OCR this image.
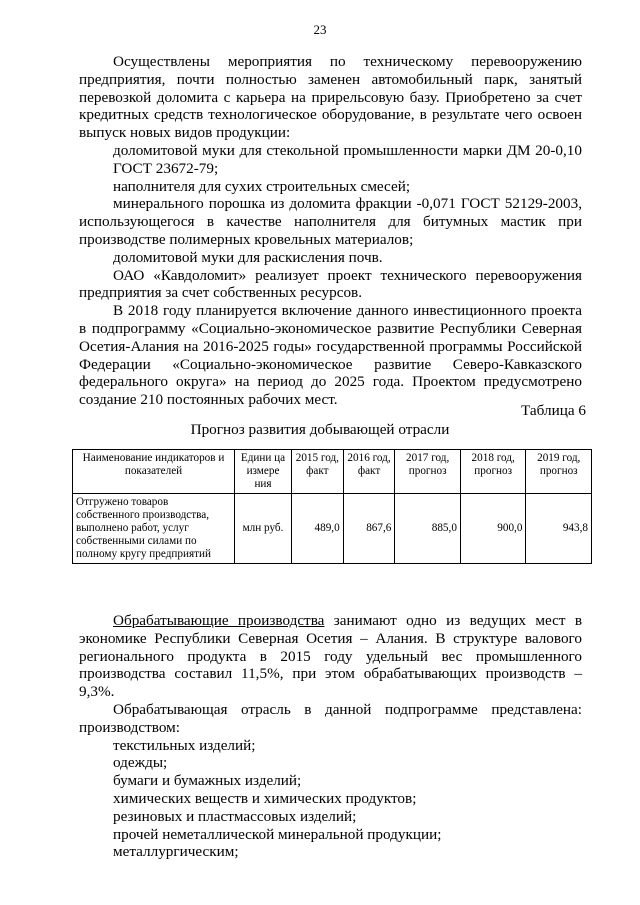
23

Осуществлены мероприятия по техническому перевооружению предприятия, почти полностью заменен автомобильный парк, занятый перевозкой доломита с карьера на прирельсовую базу. Приобретено за счет кредитных средств технологическое оборудование, в результате чего освоен выпуск новых видов продукции:

доломитовой муки для стекольной промышленности марки ДМ 20-0,10 ГОСТ 23672-79;

наполнителя для сухих строительных смесей;

минерального порошка из доломита фракции -0,071 ГОСТ 52129-2003, использующегося в качестве наполнителя для битумных мастик при производстве полимерных кровельных материалов;

доломитовой муки для раскисления почв.

ОАО «Кавдоломит» реализует проект технического перевооружения предприятия за счет собственных ресурсов.

В 2018 году планируется включение данного инвестиционного проекта в подпрограмму «Социально-экономическое развитие Республики Северная Осетия-Алания на 2016-2025 годы» государственной программы Российской Федерации «Социально-экономическое развитие Северо-Кавказского федерального округа» на период до 2025 года. Проектом предусмотрено создание 210 постоянных рабочих мест.

Таблица 6
Прогноз развития добывающей отрасли
Наименование индикаторов и показателей	Едини ца измере ния	2015 год, факт	2016 год, факт	2017 год, прогноз	2018 год, прогноз	2019 год, прогноз
Отгружено товаров собственного производства, выполнено работ, услуг собственными силами по полному кругу предприятий	млн руб.	489,0	867,6	885,0	900,0	943,8

Обрабатывающие производства занимают одно из ведущих мест в экономике Республики Северная Осетия – Алания. В структуре валового регионального продукта в 2015 году удельный вес промышленного производства составил 11,5%, при этом обрабатывающих производств – 9,3%.

Обрабатывающая отрасль в данной подпрограмме представлена: производством:

текстильных изделий;

одежды;

бумаги и бумажных изделий;

химических веществ и химических продуктов;

резиновых и пластмассовых изделий;

прочей неметаллической минеральной продукции;

металлургическим;
